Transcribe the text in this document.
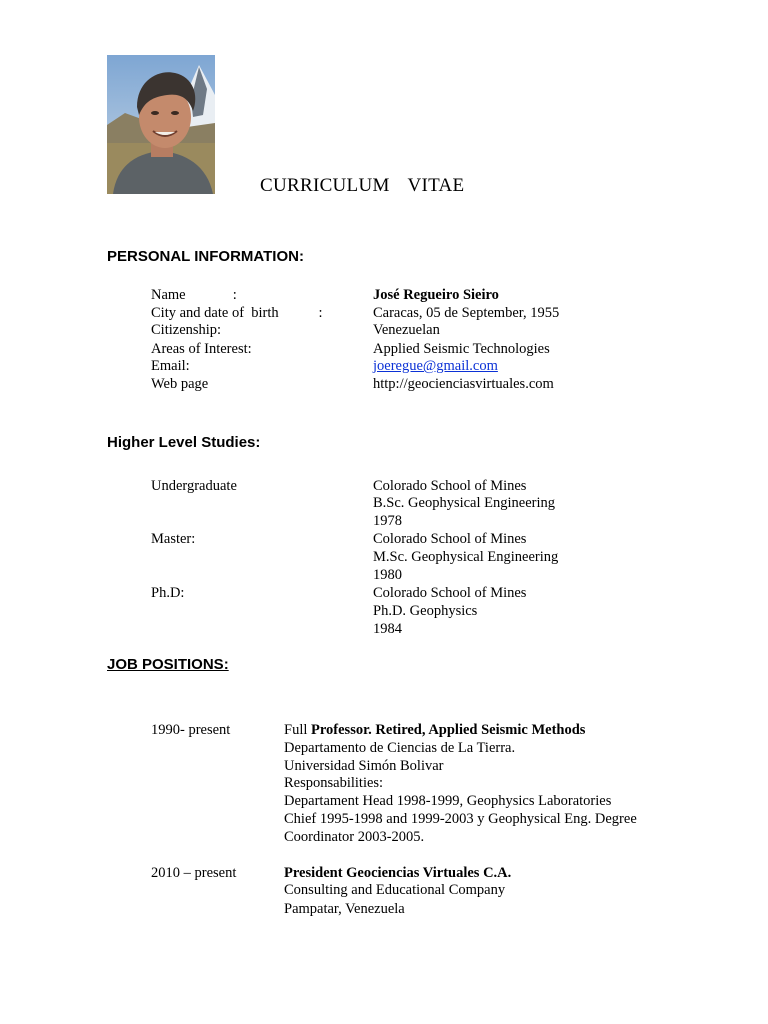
CURRICULUM  VITAE
PERSONAL INFORMATION:
Name             :	José Regueiro Sieiro
City and date of  birth           :	Caracas, 05 de September, 1955
Citizenship:	Venezuelan
Areas of Interest:	Applied Seismic Technologies
Email:	joeregue@gmail.com
Web page	http://geocienciasvirtuales.com
Higher Level Studies:
Undergraduate	Colorado School of Mines
B.Sc. Geophysical Engineering
1978
Master:	Colorado School of Mines
M.Sc. Geophysical Engineering
1980
Ph.D:	Colorado School of Mines
Ph.D. Geophysics
1984
JOB POSITIONS:
1990- present	Full Professor. Retired, Applied Seismic Methods
Departamento de Ciencias de La Tierra.
Universidad Simón Bolivar
Responsabilities:
Departament Head 1998-1999, Geophysics Laboratories
Chief 1995-1998 and 1999-2003 y Geophysical Eng. Degree
Coordinator 2003-2005.
2010 – present	President Geociencias Virtuales C.A.
Consulting and Educational Company
Pampatar, Venezuela
